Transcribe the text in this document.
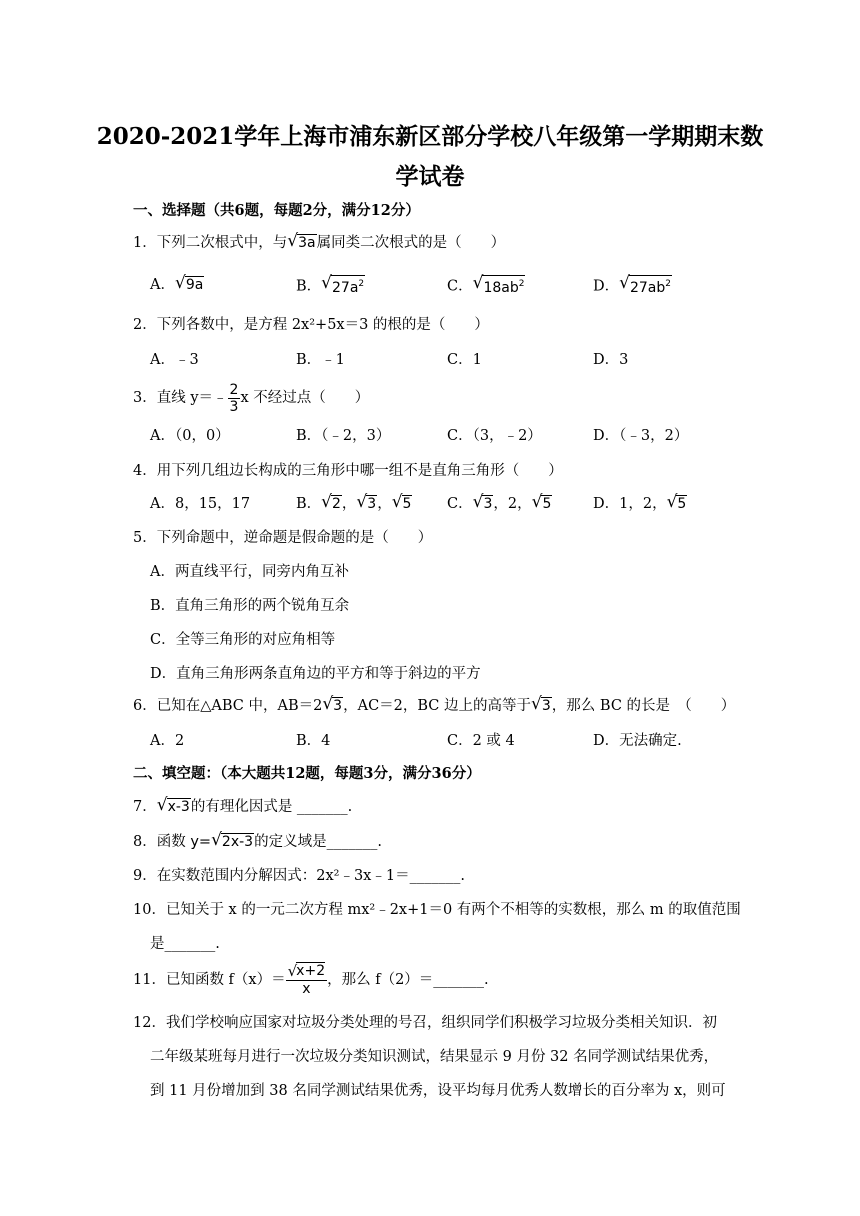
2020-2021学年上海市浦东新区部分学校八年级第一学期期末数
学试卷
一、选择题（共6题，每题2分，满分12分）
1．下列二次根式中，与√3a属同类二次根式的是（　　）
A．√9a	B．$√27a^2$	C．$√18ab^2$	D．$√27ab^2$
2．下列各数中，是方程 2x²+5x＝3 的根的是（　　）
A．﹣3	B．﹣1	C．1	D．3
3．直线 y＝﹣ $\frac{2}{3}$ x 不经过点（　　）
A．（0，0）	B．（﹣2，3）	C．（3，﹣2）	D．（﹣3，2）
4．用下列几组边长构成的三角形中哪一组不是直角三角形（　　）
A．8，15，17	B．√2，√3，√5 C．√3，2，√5	D．1，2，√5
5．下列命题中，逆命题是假命题的是（　　）
A．两直线平行，同旁内角互补
B．直角三角形的两个锐角互余
C．全等三角形的对应角相等
D．直角三角形两条直角边的平方和等于斜边的平方
6．已知在△ABC 中，AB＝2√3，AC＝2，BC 边上的高等于√3，那么 BC 的长是　（　　）
A．2	B．4	C．2 或 4	D．无法确定.
二、填空题：（本大题共12题，每题3分，满分36分）
7．√x-3的有理化因式是 _______.
8．函数 y=√2x-3的定义域是_______.
9．在实数范围内分解因式：2x²﹣3x﹣1＝_______.
10．已知关于 x 的一元二次方程 mx²﹣2x+1＝0 有两个不相等的实数根，那么 m 的取值范围
是_______.
11．已知函数 $f(x)= \frac{√x+2}{x}$ ，那么 f（2）＝_______.
12．我们学校响应国家对垃圾分类处理的号召，组织同学们积极学习垃圾分类相关知识．初
二年级某班每月进行一次垃圾分类知识测试，结果显示 9 月份 32 名同学测试结果优秀，
到 11 月份增加到 38 名同学测试结果优秀，设平均每月优秀人数增长的百分率为 x，则可
